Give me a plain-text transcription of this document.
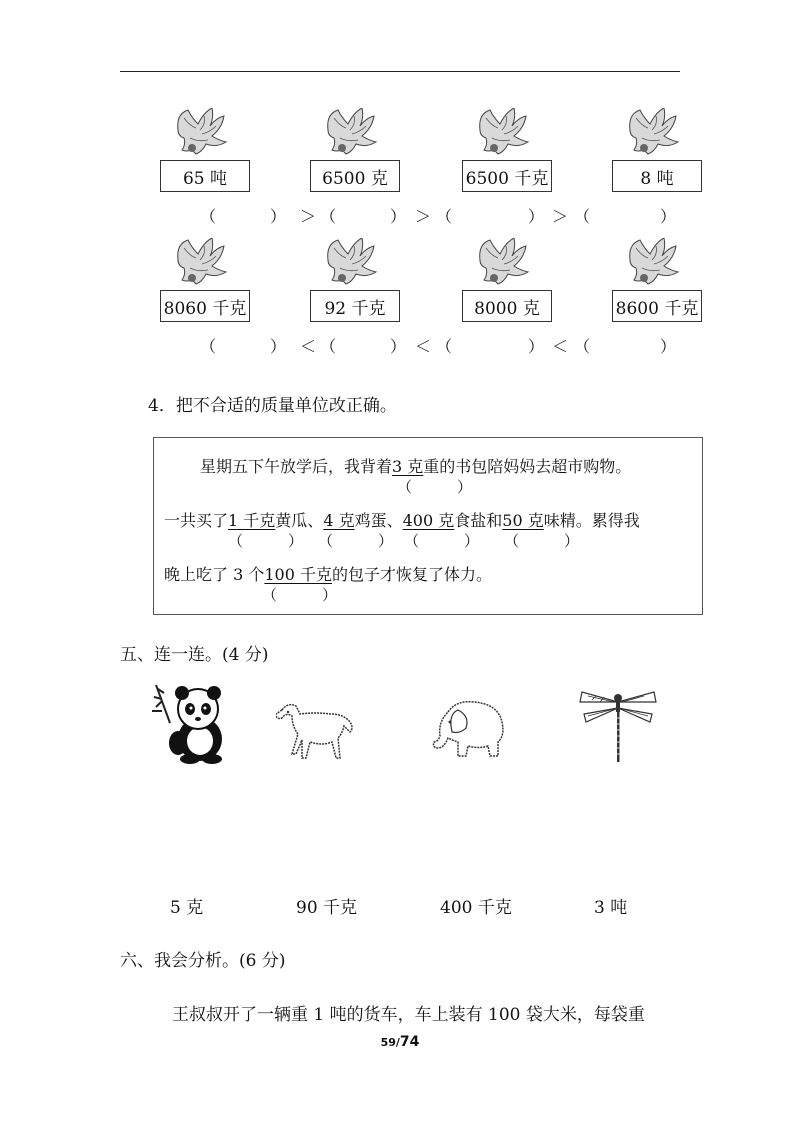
65 吨	6500 克	6500 千克	8 吨
8060 千克	92 千克	8000 克	8600 千克

（

	）

＞

（

	）

＞

（

	）

＞

（

	）

（

	）

＜

（

	）

＜

（

	）

＜

（

	）

4．把不合适的质量单位改正确。
星期五下午放学后，我背着3 克重的书包陪妈妈去超市购物。
（　　　）
一共买了1 千克黄瓜、4 克鸡蛋、400 克食盐和50 克味精。累得我
（　　　） （　　　） （　　　） （　　　）
晚上吃了 3 个100 千克的包子才恢复了体力。
（　　　）
五、连一连。(4 分)
5 克	90 千克	400 千克	3 吨
六、我会分析。(6 分)
王叔叔开了一辆重 1 吨的货车，车上装有 100 袋大米，每袋重
59/74
